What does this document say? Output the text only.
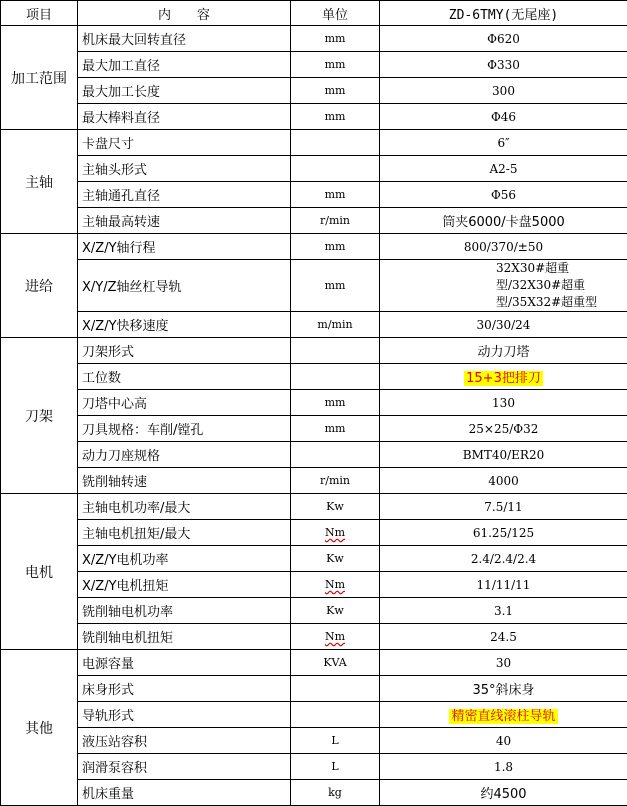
项目	内　　容	单位	ZD-6TMY(无尾座)
加工范围	机床最大回转直径	mm	Φ620
	最大加工直径	mm	Φ330
	最大加工长度	mm	300
	最大棒料直径	mm	Φ46
主轴	卡盘尺寸		6″
	主轴头形式		A2-5
	主轴通孔直径	mm	Φ56
	主轴最高转速	r/min	筒夹6000/卡盘5000
进给	X/Z/Y轴行程	mm	800/370/±50
	X/Y/Z轴丝杠导轨	mm	32X30#超重型/32X30#超重型/35X32#超重型
	X/Z/Y快移速度	m/min	30/30/24
刀架	刀架形式		动力刀塔
	工位数		15+3把排刀
	刀塔中心高	mm	130
	刀具规格：车削/镗孔	mm	25×25/Φ32
	动力刀座规格		BMT40/ER20
	铣削轴转速	r/min	4000
电机	主轴电机功率/最大	Kw	7.5/11
	主轴电机扭矩/最大	Nm	61.25/125
	X/Z/Y电机功率	Kw	2.4/2.4/2.4
	X/Z/Y电机扭矩	Nm	11/11/11
	铣削轴电机功率	Kw	3.1
	铣削轴电机扭矩	Nm	24.5
其他	电源容量	KVA	30
	床身形式		35°斜床身
	导轨形式		精密直线滚柱导轨
	液压站容积	L	40
	润滑泵容积	L	1.8
	机床重量	kg	约4500
